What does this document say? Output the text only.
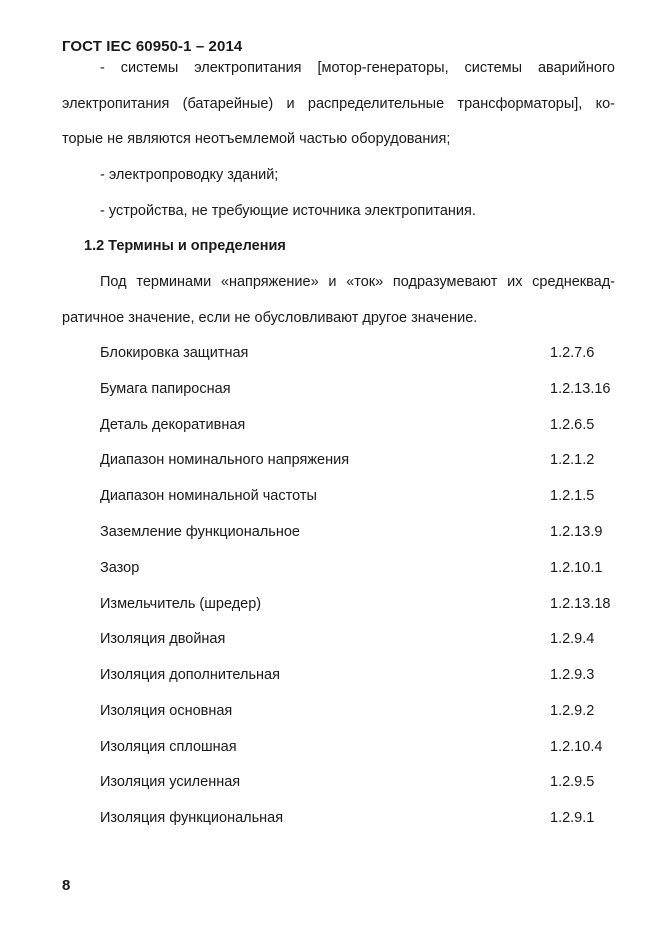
ГОСТ IEC 60950-1 – 2014
- системы электропитания [мотор-генераторы, системы аварийного
электропитания (батарейные) и распределительные трансформаторы], ко-
торые не являются неотъемлемой частью оборудования;
- электропроводку зданий;
- устройства, не требующие источника электропитания.
1.2 Термины и определения
Под терминами «напряжение» и «ток» подразумевают их среднеквад-
ратичное значение, если не обусловливают другое значение.
Блокировка защитная	1.2.7.6
Бумага папиросная	1.2.13.16
Деталь декоративная	1.2.6.5
Диапазон номинального напряжения	1.2.1.2
Диапазон номинальной частоты	1.2.1.5
Заземление функциональное	1.2.13.9
Зазор	1.2.10.1
Измельчитель (шредер)	1.2.13.18
Изоляция двойная	1.2.9.4
Изоляция дополнительная	1.2.9.3
Изоляция основная	1.2.9.2
Изоляция сплошная	1.2.10.4
Изоляция усиленная	1.2.9.5
Изоляция функциональная	1.2.9.1
8
